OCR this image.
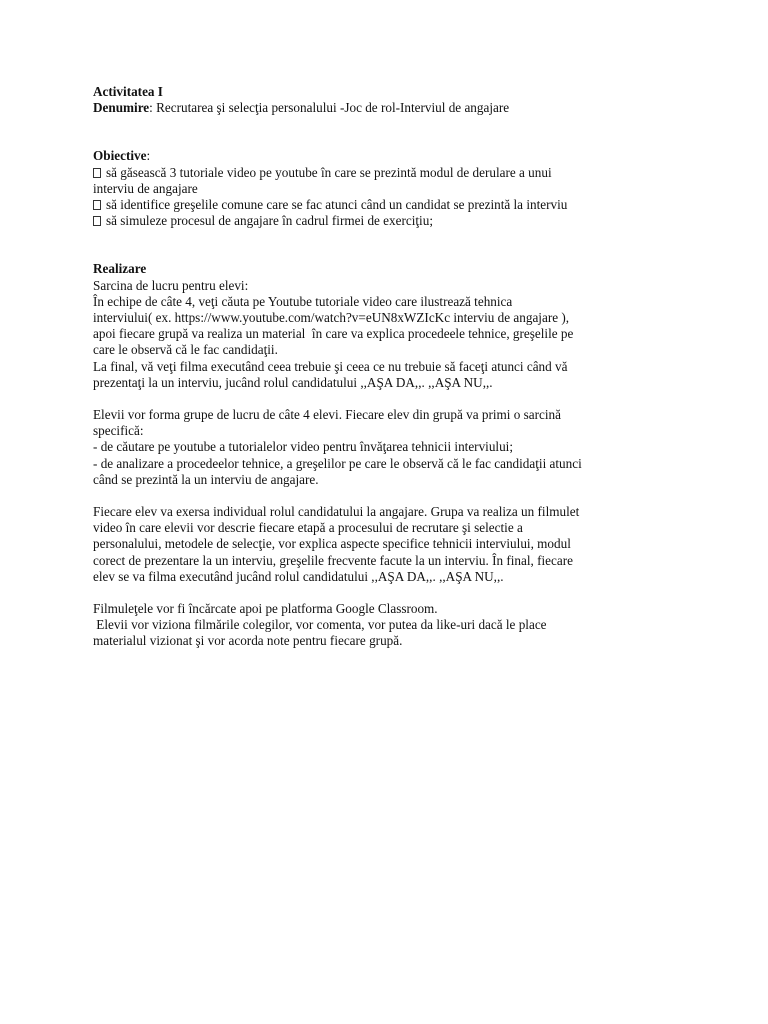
Activitatea I
Denumire: Recrutarea şi selecţia personalului -Joc de rol-Interviul de angajare
Obiective:
să găsească 3 tutoriale video pe youtube în care se prezintă modul de derulare a unui
interviu de angajare
să identifice greşelile comune care se fac atunci când un candidat se prezintă la interviu
să simuleze procesul de angajare în cadrul firmei de exerciţiu;
Realizare
Sarcina de lucru pentru elevi:
În echipe de câte 4, veţi căuta pe Youtube tutoriale video care ilustrează tehnica
interviului( ex. https://www.youtube.com/watch?v=eUN8xWZIcKc interviu de angajare ),
apoi fiecare grupă va realiza un material  în care va explica procedeele tehnice, greşelile pe
care le observă că le fac candidaţii.
La final, vă veţi filma executând ceea trebuie şi ceea ce nu trebuie să faceţi atunci când vă
prezentaţi la un interviu, jucând rolul candidatului ,,AŞA DA,,. ,,AŞA NU,,.
Elevii vor forma grupe de lucru de câte 4 elevi. Fiecare elev din grupă va primi o sarcină
specifică:
- de căutare pe youtube a tutorialelor video pentru învăţarea tehnicii interviului;
- de analizare a procedeelor tehnice, a greşelilor pe care le observă că le fac candidaţii atunci
când se prezintă la un interviu de angajare.
Fiecare elev va exersa individual rolul candidatului la angajare. Grupa va realiza un filmulet
video în care elevii vor descrie fiecare etapă a procesului de recrutare şi selectie a
personalului, metodele de selecţie, vor explica aspecte specifice tehnicii interviului, modul
corect de prezentare la un interviu, greşelile frecvente facute la un interviu. În final, fiecare
elev se va filma executând jucând rolul candidatului ,,AŞA DA,,. ,,AŞA NU,,.
Filmuleţele vor fi încărcate apoi pe platforma Google Classroom.
Elevii vor viziona filmările colegilor, vor comenta, vor putea da like-uri dacă le place
materialul vizionat şi vor acorda note pentru fiecare grupă.
